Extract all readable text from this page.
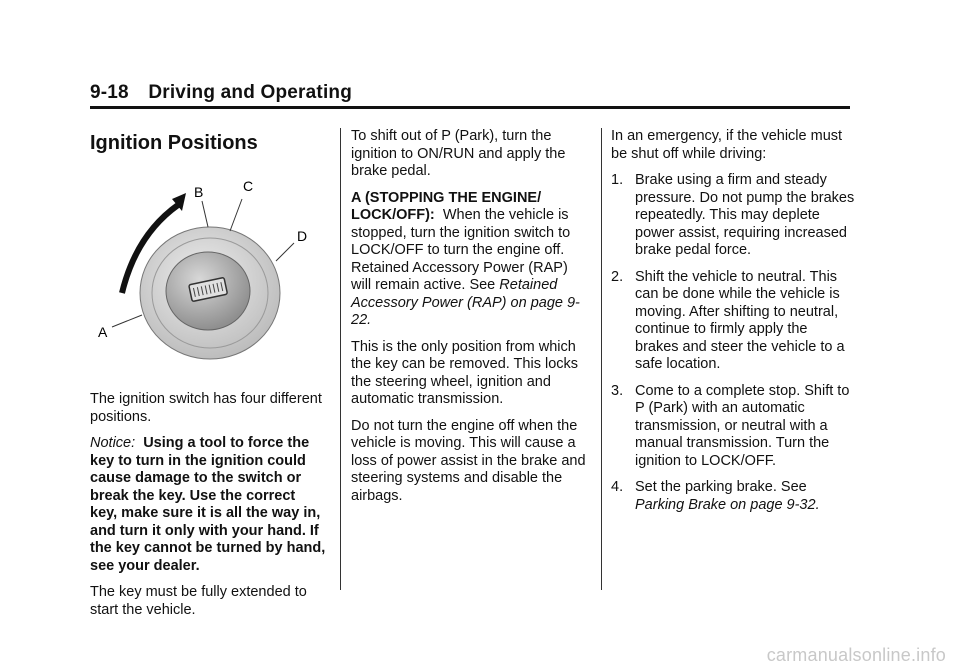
9-18 Driving and Operating
Ignition Positions
A
B	C
D

The ignition switch has four different positions.

Notice: Using a tool to force the key to turn in the ignition could cause damage to the switch or break the key. Use the correct key, make sure it is all the way in, and turn it only with your hand. If the key cannot be turned by hand, see your dealer.

The key must be fully extended to start the vehicle.

To shift out of P (Park), turn the ignition to ON/RUN and apply the brake pedal.

A (STOPPING THE ENGINE/ LOCK/OFF): When the vehicle is stopped, turn the ignition switch to LOCK/OFF to turn the engine off. Retained Accessory Power (RAP) will remain active. See Retained Accessory Power (RAP) on page 9-22.

This is the only position from which the key can be removed. This locks the steering wheel, ignition and automatic transmission.

Do not turn the engine off when the vehicle is moving. This will cause a loss of power assist in the brake and steering systems and disable the airbags.

In an emergency, if the vehicle must be shut off while driving:

1. Brake using a firm and steady pressure. Do not pump the brakes repeatedly. This may deplete power assist, requiring increased brake pedal force.
2. Shift the vehicle to neutral. This can be done while the vehicle is moving. After shifting to neutral, continue to firmly apply the brakes and steer the vehicle to a safe location.
3. Come to a complete stop. Shift to P (Park) with an automatic transmission, or neutral with a manual transmission. Turn the ignition to LOCK/OFF.
4. Set the parking brake. See Parking Brake on page 9-32.
carmanualsonline.info
